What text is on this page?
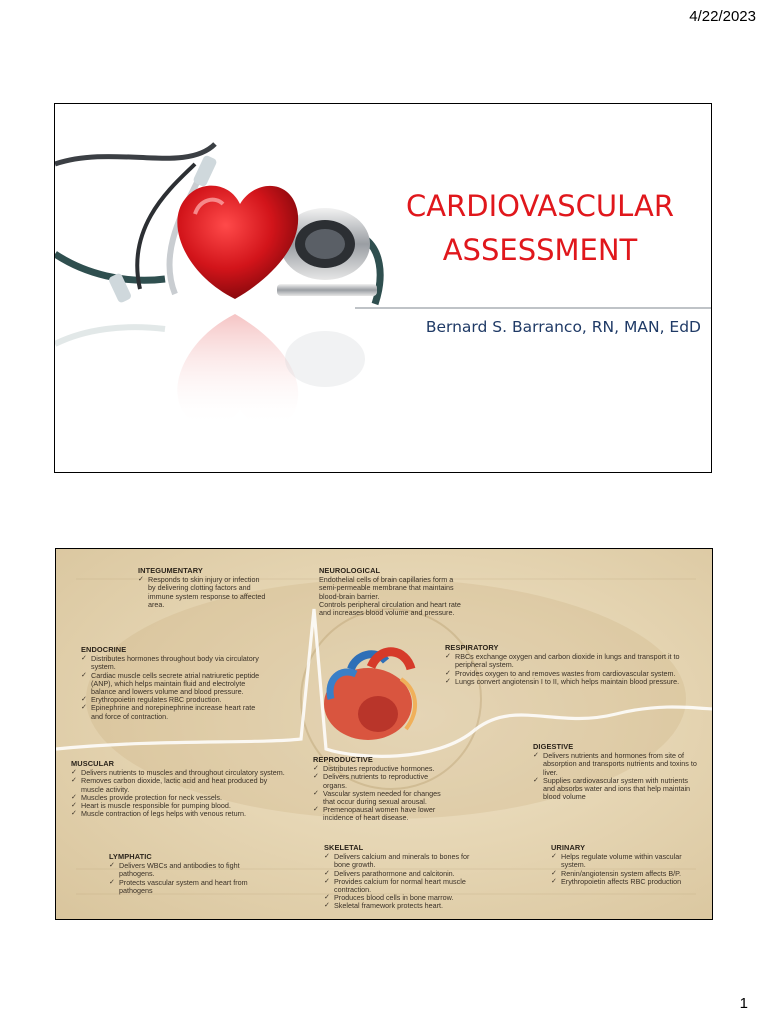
4/22/2023
CARDIOVASCULAR
ASSESSMENT
Bernard S. Barranco, RN, MAN, EdD
INTEGUMENTARY
✓ Responds to skin injury or infection by delivering clotting factors and immune system response to affected area.
NEUROLOGICAL

Endothelial cells of brain capillaries form a semi-permeable membrane that maintains blood-brain barrier.

Controls peripheral circulation and heart rate and increases blood volume and pressure.

ENDOCRINE
✓ Distributes hormones throughout body via circulatory system.
✓ Cardiac muscle cells secrete atrial natriuretic peptide (ANP), which helps maintain fluid and electrolyte balance and lowers volume and blood pressure.
✓ Erythropoietin regulates RBC production.
✓ Epinephrine and norepinephrine increase heart rate and force of contraction.
RESPIRATORY
✓ RBCs exchange oxygen and carbon dioxide in lungs and transport it to peripheral system.
✓ Provides oxygen to and removes wastes from cardiovascular system.
✓ Lungs convert angiotensin I to II, which helps maintain blood pressure.
DIGESTIVE
✓ Delivers nutrients and hormones from site of absorption and transports nutrients and toxins to liver.
✓ Supplies cardiovascular system with nutrients and absorbs water and ions that help maintain blood volume
MUSCULAR
✓ Delivers nutrients to muscles and throughout circulatory system.
✓ Removes carbon dioxide, lactic acid and heat produced by muscle activity.
✓ Muscles provide protection for neck vessels.
✓ Heart is muscle responsible for pumping blood.
✓ Muscle contraction of legs helps with venous return.
REPRODUCTIVE
✓ Distributes reproductive hormones.
✓ Delivers nutrients to reproductive organs.
✓ Vascular system needed for changes that occur during sexual arousal.
✓ Premenopausal women have lower incidence of heart disease.
LYMPHATIC
✓ Delivers WBCs and antibodies to fight pathogens.
✓ Protects vascular system and heart from pathogens
SKELETAL
✓ Delivers calcium and minerals to bones for bone growth.
✓ Delivers parathormone and calcitonin.
✓ Provides calcium for normal heart muscle contraction.
✓ Produces blood cells in bone marrow.
✓ Skeletal framework protects heart.
URINARY
✓ Helps regulate volume within vascular system.
✓ Renin/angiotensin system affects B/P.
✓ Erythropoietin affects RBC production
1
